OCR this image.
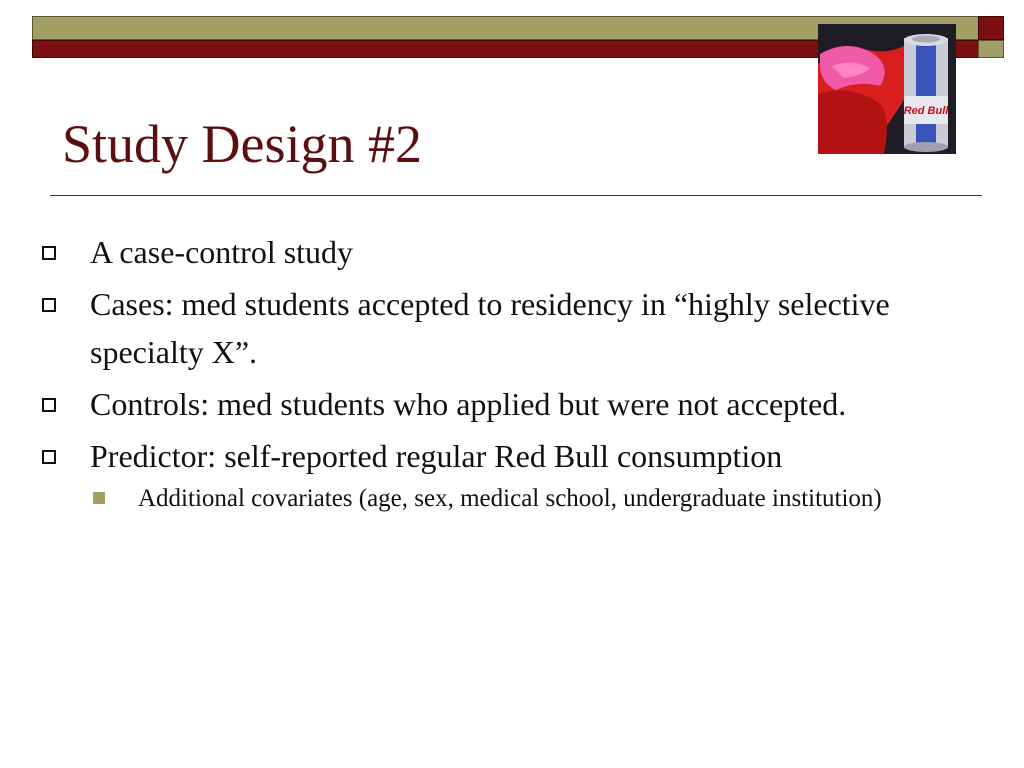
Red Bull
Study Design #2
A case-control study
Cases: med students accepted to residency in “highly selective specialty X”.
Controls: med students who applied but were not accepted.
Predictor: self-reported regular Red Bull consumption
Additional covariates (age, sex, medical school, undergraduate institution)
